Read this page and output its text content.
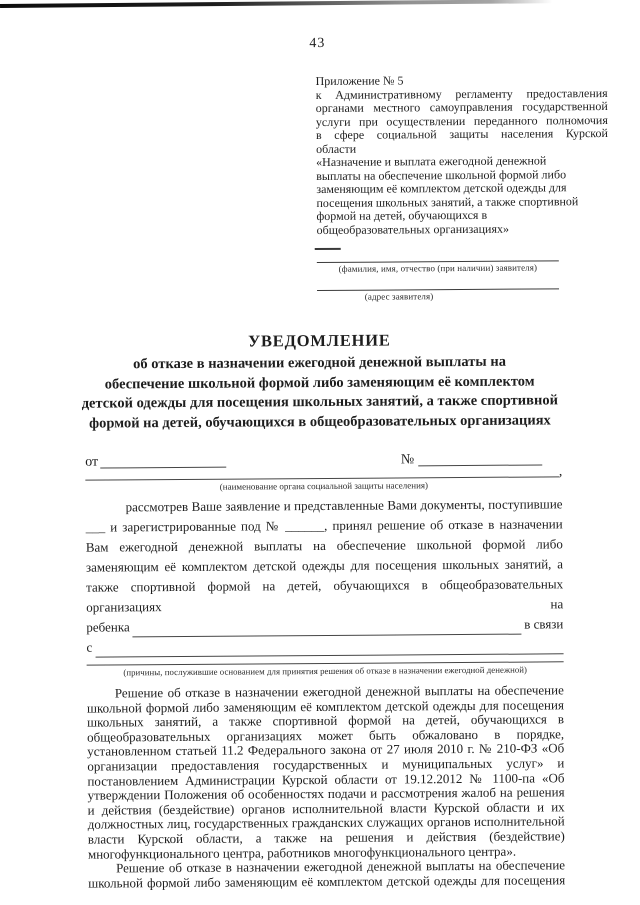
43
Приложение № 5
к Административному регламенту предоставления
органами местного самоуправления государственной
услуги при осуществлении переданного полномочия
в сфере социальной защиты населения Курской
области
«Назначение и выплата ежегодной денежной
выплаты на обеспечение школьной формой либо
заменяющим её комплектом детской одежды для
посещения школьных занятий, а также спортивной
формой на детей, обучающихся в
общеобразовательных организациях»
(фамилия, имя, отчество (при наличии) заявителя)
(адрес заявителя)
УВЕДОМЛЕНИЕ
об отказе в назначении ежегодной денежной выплаты на
обеспечение школьной формой либо заменяющим её комплектом
детской одежды для посещения школьных занятий, а также спортивной
формой на детей, обучающихся в общеобразовательных организациях
от	№
,
(наименование органа социальной защиты населения)

рассмотрев Ваше заявление и представленные Вами документы, поступившие ___ и зарегистрированные под № ______, принял решение об отказе в назначении Вам ежегодной денежной выплаты на обеспечение школьной формой либо заменяющим её комплектом детской одежды для посещения школьных занятий, а также спортивной формой на детей, обучающихся в общеобразовательных организациях на

ребенка	в связи
с
(причины, послужившие основанием для принятия решения об отказе в назначении ежегодной денежной)

Решение об отказе в назначении ежегодной денежной выплаты на обеспечение школьной формой либо заменяющим её комплектом детской одежды для посещения школьных занятий, а также спортивной формой на детей, обучающихся в общеобразовательных организациях может быть обжаловано в порядке, установленном статьей 11.2 Федерального закона от 27 июля 2010 г. № 210-ФЗ «Об организации предоставления государственных и муниципальных услуг» и постановлением Администрации Курской области от 19.12.2012 № 1100-па «Об утверждении Положения об особенностях подачи и рассмотрения жалоб на решения и действия (бездействие) органов исполнительной власти Курской области и их должностных лиц, государственных гражданских служащих органов исполнительной власти Курской области, а также на решения и действия (бездействие) многофункционального центра, работников многофункционального центра».

Решение об отказе в назначении ежегодной денежной выплаты на обеспечение школьной формой либо заменяющим её комплектом детской одежды для посещения
